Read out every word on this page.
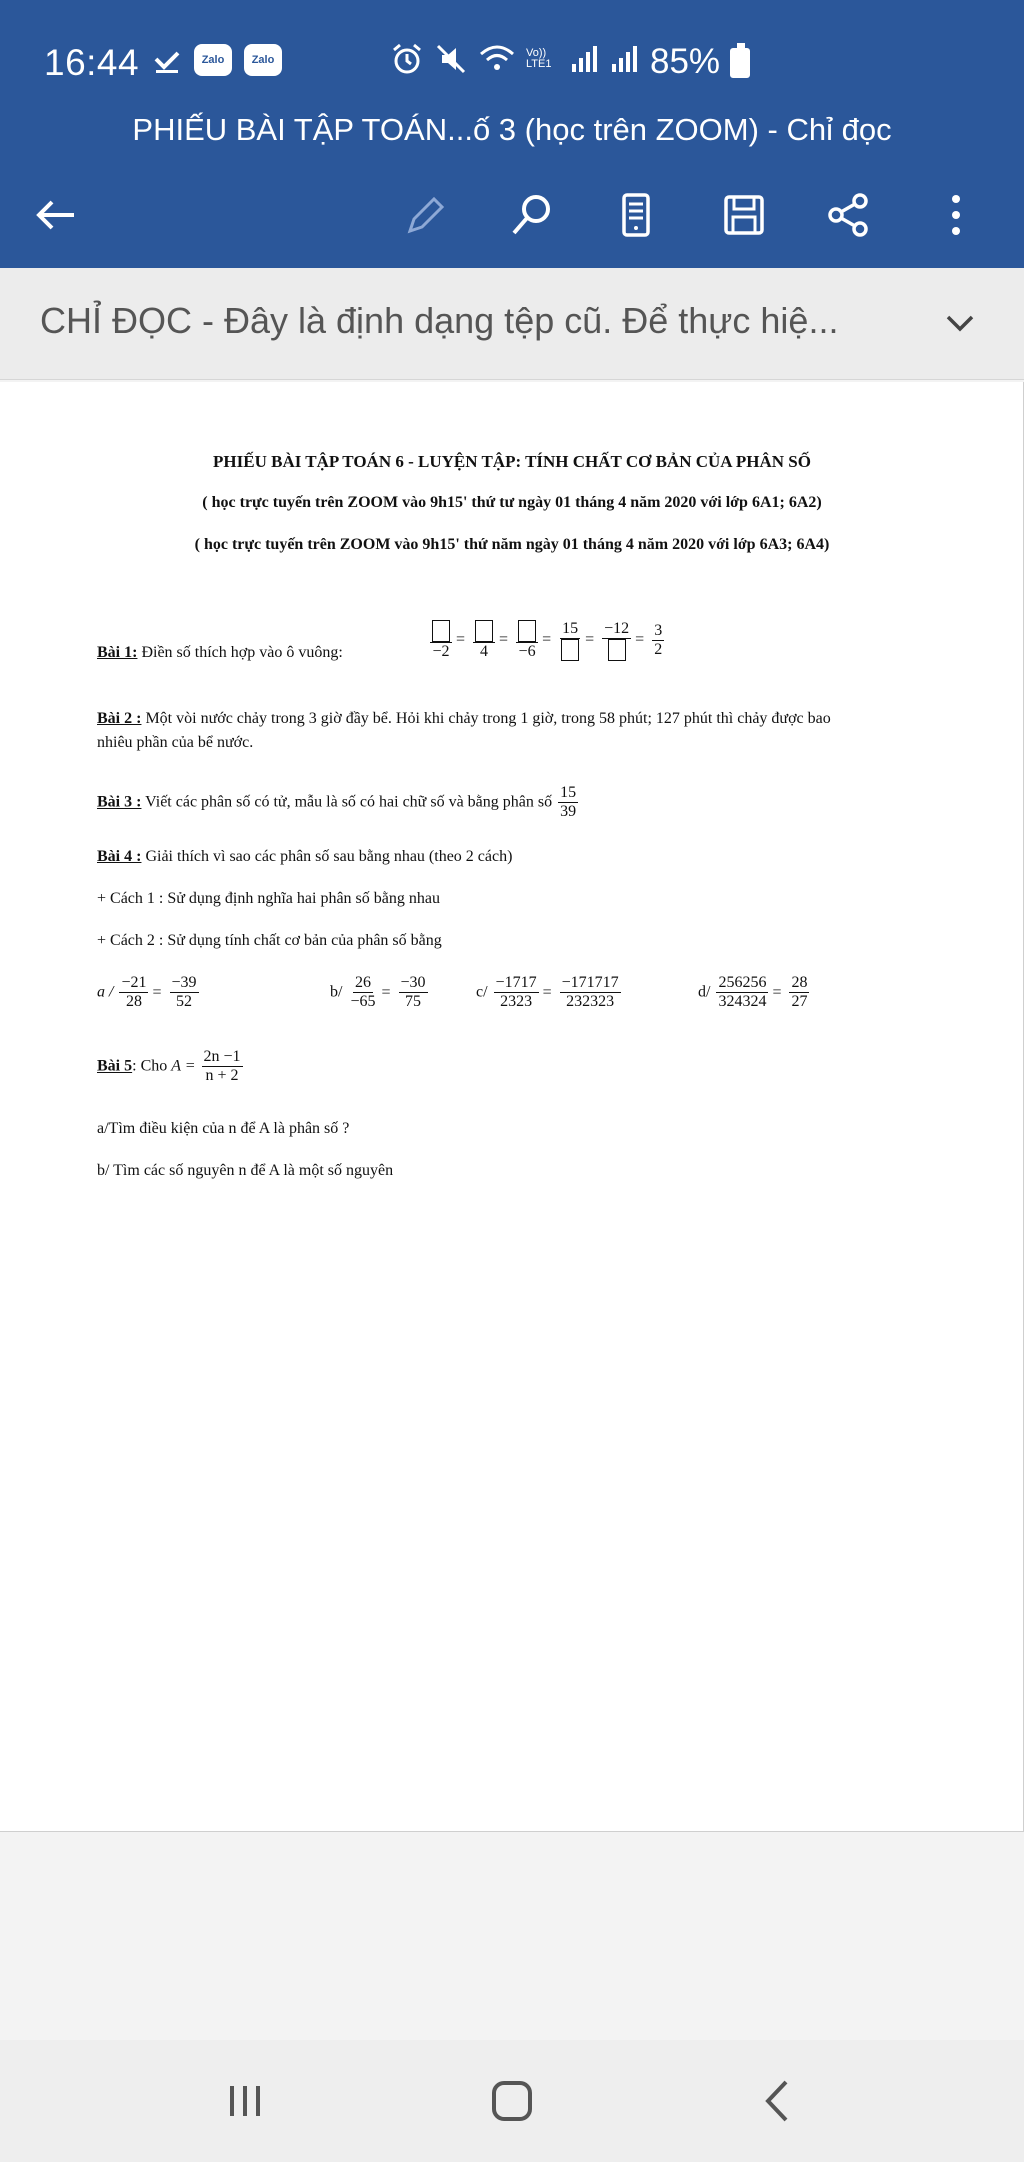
16:44	Zalo	Zalo
Vo)) LTE1	85%
PHIẾU BÀI TẬP TOÁN...ố 3 (học trên ZOOM) - Chỉ đọc
CHỈ ĐỌC - Đây là định dạng tệp cũ. Để thực hiệ...
PHIẾU BÀI TẬP TOÁN 6 - LUYỆN TẬP: TÍNH CHẤT CƠ BẢN CỦA PHÂN SỐ
( học trực tuyến trên ZOOM vào 9h15' thứ tư ngày 01 tháng 4 năm 2020 với lớp 6A1; 6A2)
( học trực tuyến trên ZOOM vào 9h15' thứ năm ngày 01 tháng 4 năm 2020 với lớp 6A3; 6A4)
Bài 1: Điền số thích hợp vào ô vuông:	−2
=
4
=
−6
=
15
=
−12
= $\frac{3}{2}$
Bài 2 : Một vòi nước chảy trong 3 giờ đầy bể. Hỏi khi chảy trong 1 giờ, trong 58 phút; 127 phút thì chảy được bao
nhiêu phần của bể nước.
Bài 3 : Viết các phân số có tử, mẫu là số có hai chữ số và bằng phân số $\frac{15}{39}$
Bài 4 : Giải thích vì sao các phân số sau bằng nhau (theo 2 cách)
+ Cách 1 : Sử dụng định nghĩa hai phân số bằng nhau
+ Cách 2 : Sử dụng tính chất cơ bản của phân số bằng
$a / \frac{-21}{28} = \frac{-39}{52}$	$b/ \frac{26}{-65} = \frac{-30}{75}$	$c/ \frac{-1717}{2323} = \frac{-171717}{232323}$	$d/ \frac{256256}{324324} = \frac{28}{27}$
Bài 5: Cho $A = \frac{2n -1}{n + 2}$
a/Tìm điều kiện của n để A là phân số ?
b/ Tìm các số nguyên n để A là một số nguyên
